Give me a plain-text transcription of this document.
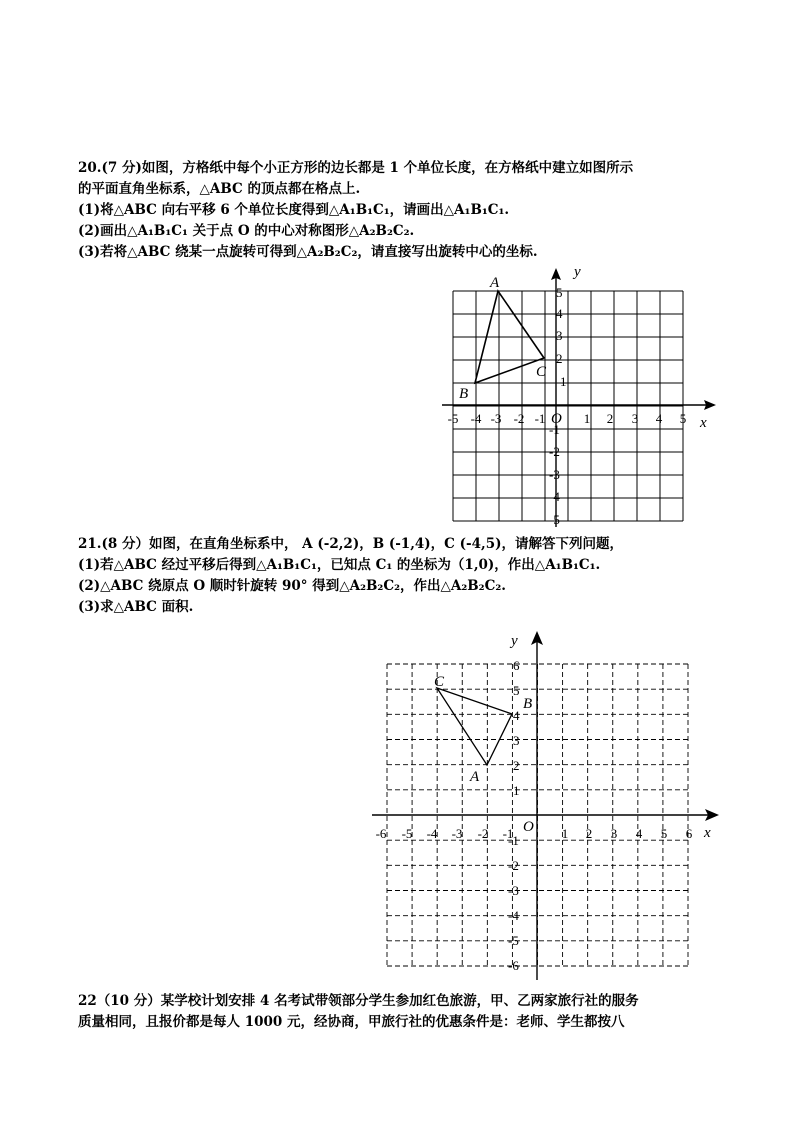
20.(7 分)如图，方格纸中每个小正方形的边长都是 1 个单位长度，在方格纸中建立如图所示

的平面直角坐标系，△ABC 的顶点都在格点上.

(1)将△ABC 向右平移 6 个单位长度得到△A₁B₁C₁，请画出△A₁B₁C₁.

(2)画出△A₁B₁C₁ 关于点 O 的中心对称图形△A₂B₂C₂.

(3)若将△ABC 绕某一点旋转可得到△A₂B₂C₂，请直接写出旋转中心的坐标.

x
y
O
-5 -4 -3 -2 -1	1 2 3 4 5
1
2
3
4
5
-1
-2
-3
-4
-5
A
B
C

21.(8 分）如图，在直角坐标系中， A (-2,2)，B (-1,4)，C (-4,5)，请解答下列问题，

(1)若△ABC 经过平移后得到△A₁B₁C₁，已知点 C₁ 的坐标为（1,0)，作出△A₁B₁C₁.

(2)△ABC 绕原点 O 顺时针旋转 90° 得到△A₂B₂C₂，作出△A₂B₂C₂.

(3)求△ABC 面积.

x
y
O
-6 -5 -4 -3 -2 -1	1 2 3 4 5 6
1
2
3
4
5
6
-1
-2
-3
-4
-5
-6
A
B
C

22（10 分）某学校计划安排 4 名考试带领部分学生参加红色旅游，甲、乙两家旅行社的服务

质量相同，且报价都是每人 1000 元，经协商，甲旅行社的优惠条件是：老师、学生都按八
